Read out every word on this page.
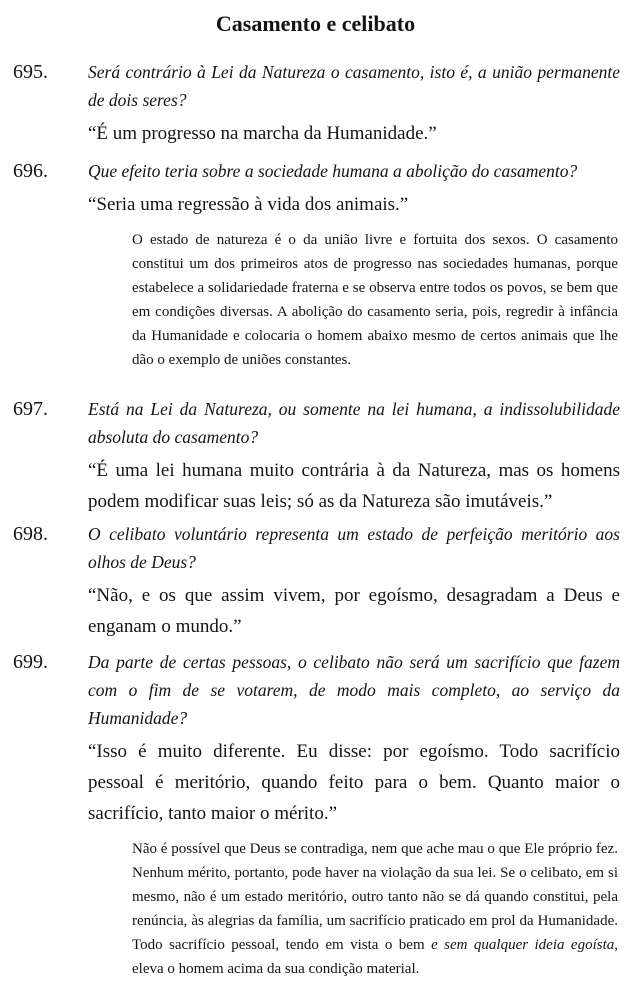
Casamento e celibato
695. Será contrário à Lei da Natureza o casamento, isto é, a união permanente de dois seres?

“É um progresso na marcha da Humanidade.”

696. Que efeito teria sobre a sociedade humana a abolição do casamento?

“Seria uma regressão à vida dos animais.”

O estado de natureza é o da união livre e fortuita dos sexos. O casamento constitui um dos primeiros atos de progresso nas sociedades humanas, porque estabelece a solidariedade fraterna e se observa entre todos os povos, se bem que em condições diversas. A abolição do casamento seria, pois, regredir à infância da Humanidade e colocaria o homem abaixo mesmo de certos animais que lhe dão o exemplo de uniões constantes.
697. Está na Lei da Natureza, ou somente na lei humana, a indissolubilidade absoluta do casamento?

“É uma lei humana muito contrária à da Natureza, mas os homens podem modificar suas leis; só as da Natureza são imutáveis.”

698. O celibato voluntário representa um estado de perfeição meritório aos olhos de Deus?

“Não, e os que assim vivem, por egoísmo, desagradam a Deus e enganam o mundo.”

699. Da parte de certas pessoas, o celibato não será um sacrifício que fazem com o fim de se votarem, de modo mais completo, ao serviço da Humanidade?

“Isso é muito diferente. Eu disse: por egoísmo. Todo sacrifício pessoal é meritório, quando feito para o bem. Quanto maior o sacrifício, tanto maior o mérito.”

Não é possível que Deus se contradiga, nem que ache mau o que Ele próprio fez. Nenhum mérito, portanto, pode haver na violação da sua lei. Se o celibato, em si mesmo, não é um estado meritório, outro tanto não se dá quando constitui, pela renúncia, às alegrias da família, um sacrifício praticado em prol da Humanidade. Todo sacrifício pessoal, tendo em vista o bem e sem qualquer ideia egoísta, eleva o homem acima da sua condição material.
